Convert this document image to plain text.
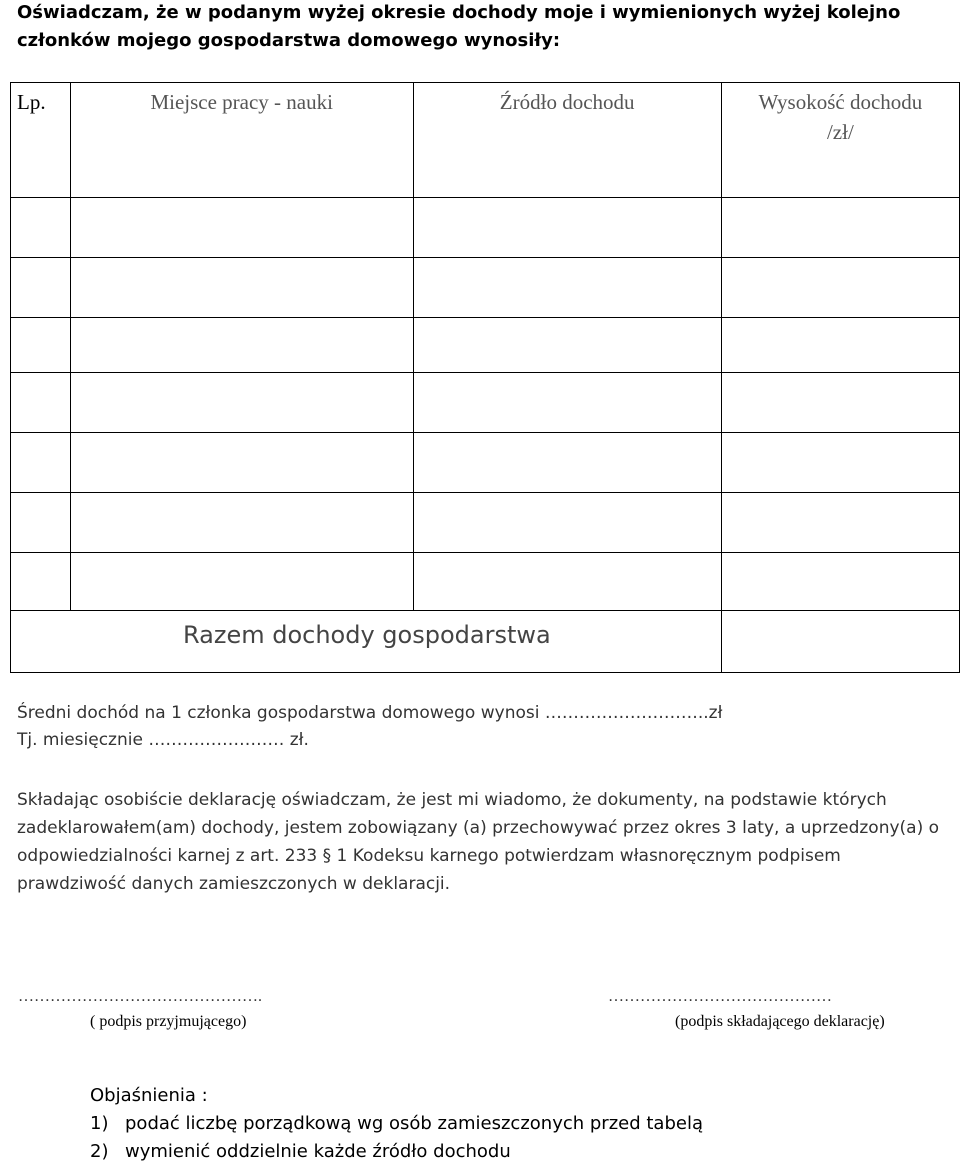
Oświadczam, że w podanym wyżej okresie dochody moje i wymienionych wyżej kolejno
członków mojego gospodarstwa domowego wynosiły:
Lp.	Miejsce pracy - nauki	Źródło dochodu	Wysokość dochodu
/zł/

Razem dochody gospodarstwa			
Średni dochód na 1 członka gospodarstwa domowego wynosi ………………………..zł
Tj. miesięcznie …………………… zł.

Składając osobiście deklarację oświadczam, że jest mi wiadomo, że dokumenty, na podstawie których zadeklarowałem(am) dochody, jestem zobowiązany (a) przechowywać przez okres 3 laty, a uprzedzony(a) o odpowiedzialności karnej z art. 233 § 1 Kodeksu karnego potwierdzam własnoręcznym podpisem prawdziwość danych zamieszczonych w deklaracji.

……………………………………….
( podpis przyjmującego)
……………………………………
(podpis składającego deklarację)
Objaśnienia :
1) podać liczbę porządkową wg osób zamieszczonych przed tabelą
2) wymienić oddzielnie każde źródło dochodu
